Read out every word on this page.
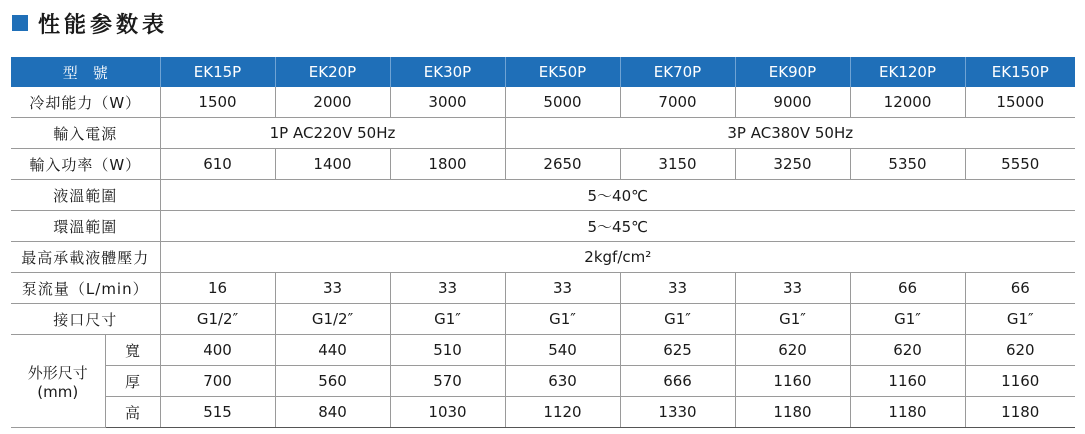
性能参数表
型　號		EK15P	EK20P	EK30P	EK50P	EK70P	EK90P	EK120P	EK150P
冷却能力（W）		1500	2000	3000	5000	7000	9000	12000	15000
輸入電源		1P AC220V 50Hz			3P AC380V 50Hz				
輸入功率（W）		610	1400	1800	2650	3150	3250	5350	5550
液溫範圍		5～40℃							
環溫範圍		5～45℃							
最高承載液體壓力		2kgf/cm²							
泵流量（L/min）		16	33	33	33	33	33	66	66
接口尺寸		G1/2″	G1/2″	G1″	G1″	G1″	G1″	G1″	G1″

外形尺寸
(mm)	寬	400	440	510	540	625	620	620	620
	厚	700	560	570	630	666	1160	1160	1160
	高	515	840	1030	1120	1330	1180	1180	1180
